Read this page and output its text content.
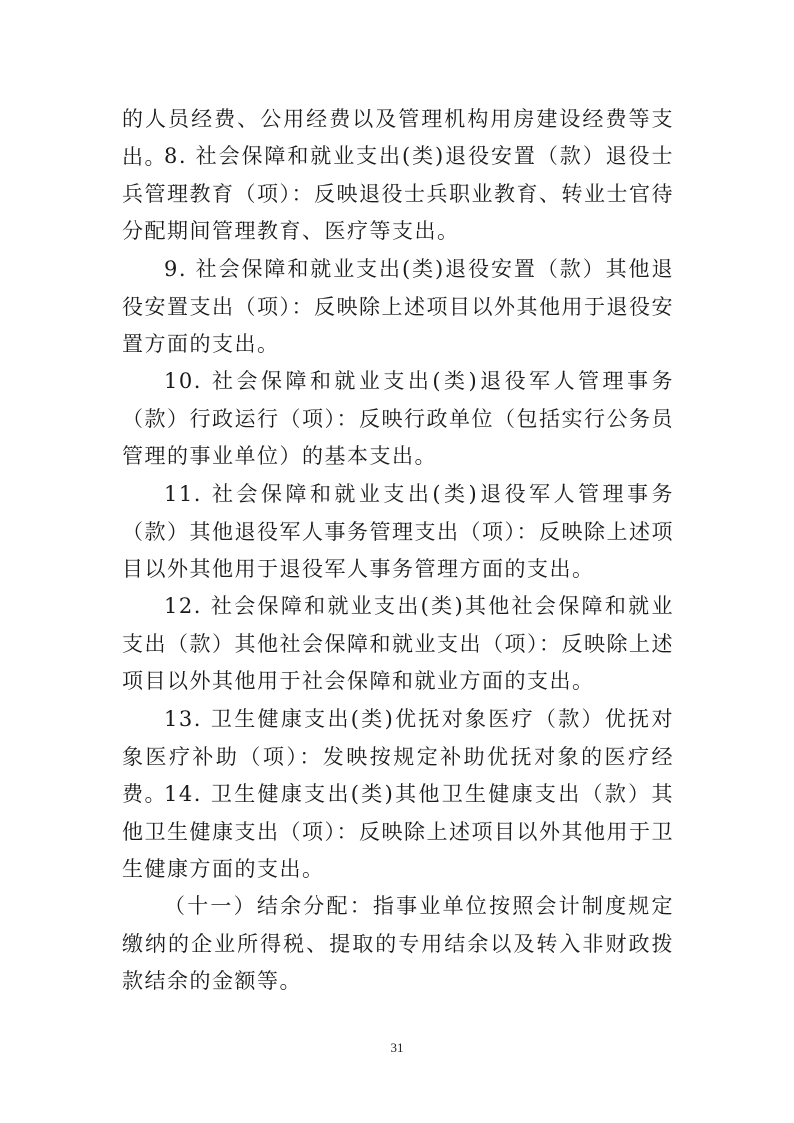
的人员经费、公用经费以及管理机构用房建设经费等支出。

8. 社会保障和就业支出(类)退役安置（款）退役士兵管理教育（项）：反映退役士兵职业教育、转业士官待分配期间管理教育、医疗等支出。

9. 社会保障和就业支出(类)退役安置（款）其他退役安置支出（项）：反映除上述项目以外其他用于退役安置方面的支出。

10. 社会保障和就业支出(类)退役军人管理事务（款）行政运行（项）：反映行政单位（包括实行公务员管理的事业单位）的基本支出。

11. 社会保障和就业支出(类)退役军人管理事务（款）其他退役军人事务管理支出（项）：反映除上述项目以外其他用于退役军人事务管理方面的支出。

12. 社会保障和就业支出(类)其他社会保障和就业支出（款）其他社会保障和就业支出（项）：反映除上述项目以外其他用于社会保障和就业方面的支出。

13. 卫生健康支出(类)优抚对象医疗（款）优抚对象医疗补助（项）：发映按规定补助优抚对象的医疗经费。

14. 卫生健康支出(类)其他卫生健康支出（款）其他卫生健康支出（项）：反映除上述项目以外其他用于卫生健康方面的支出。

（十一）结余分配：指事业单位按照会计制度规定缴纳的企业所得税、提取的专用结余以及转入非财政拨款结余的金额等。

31
